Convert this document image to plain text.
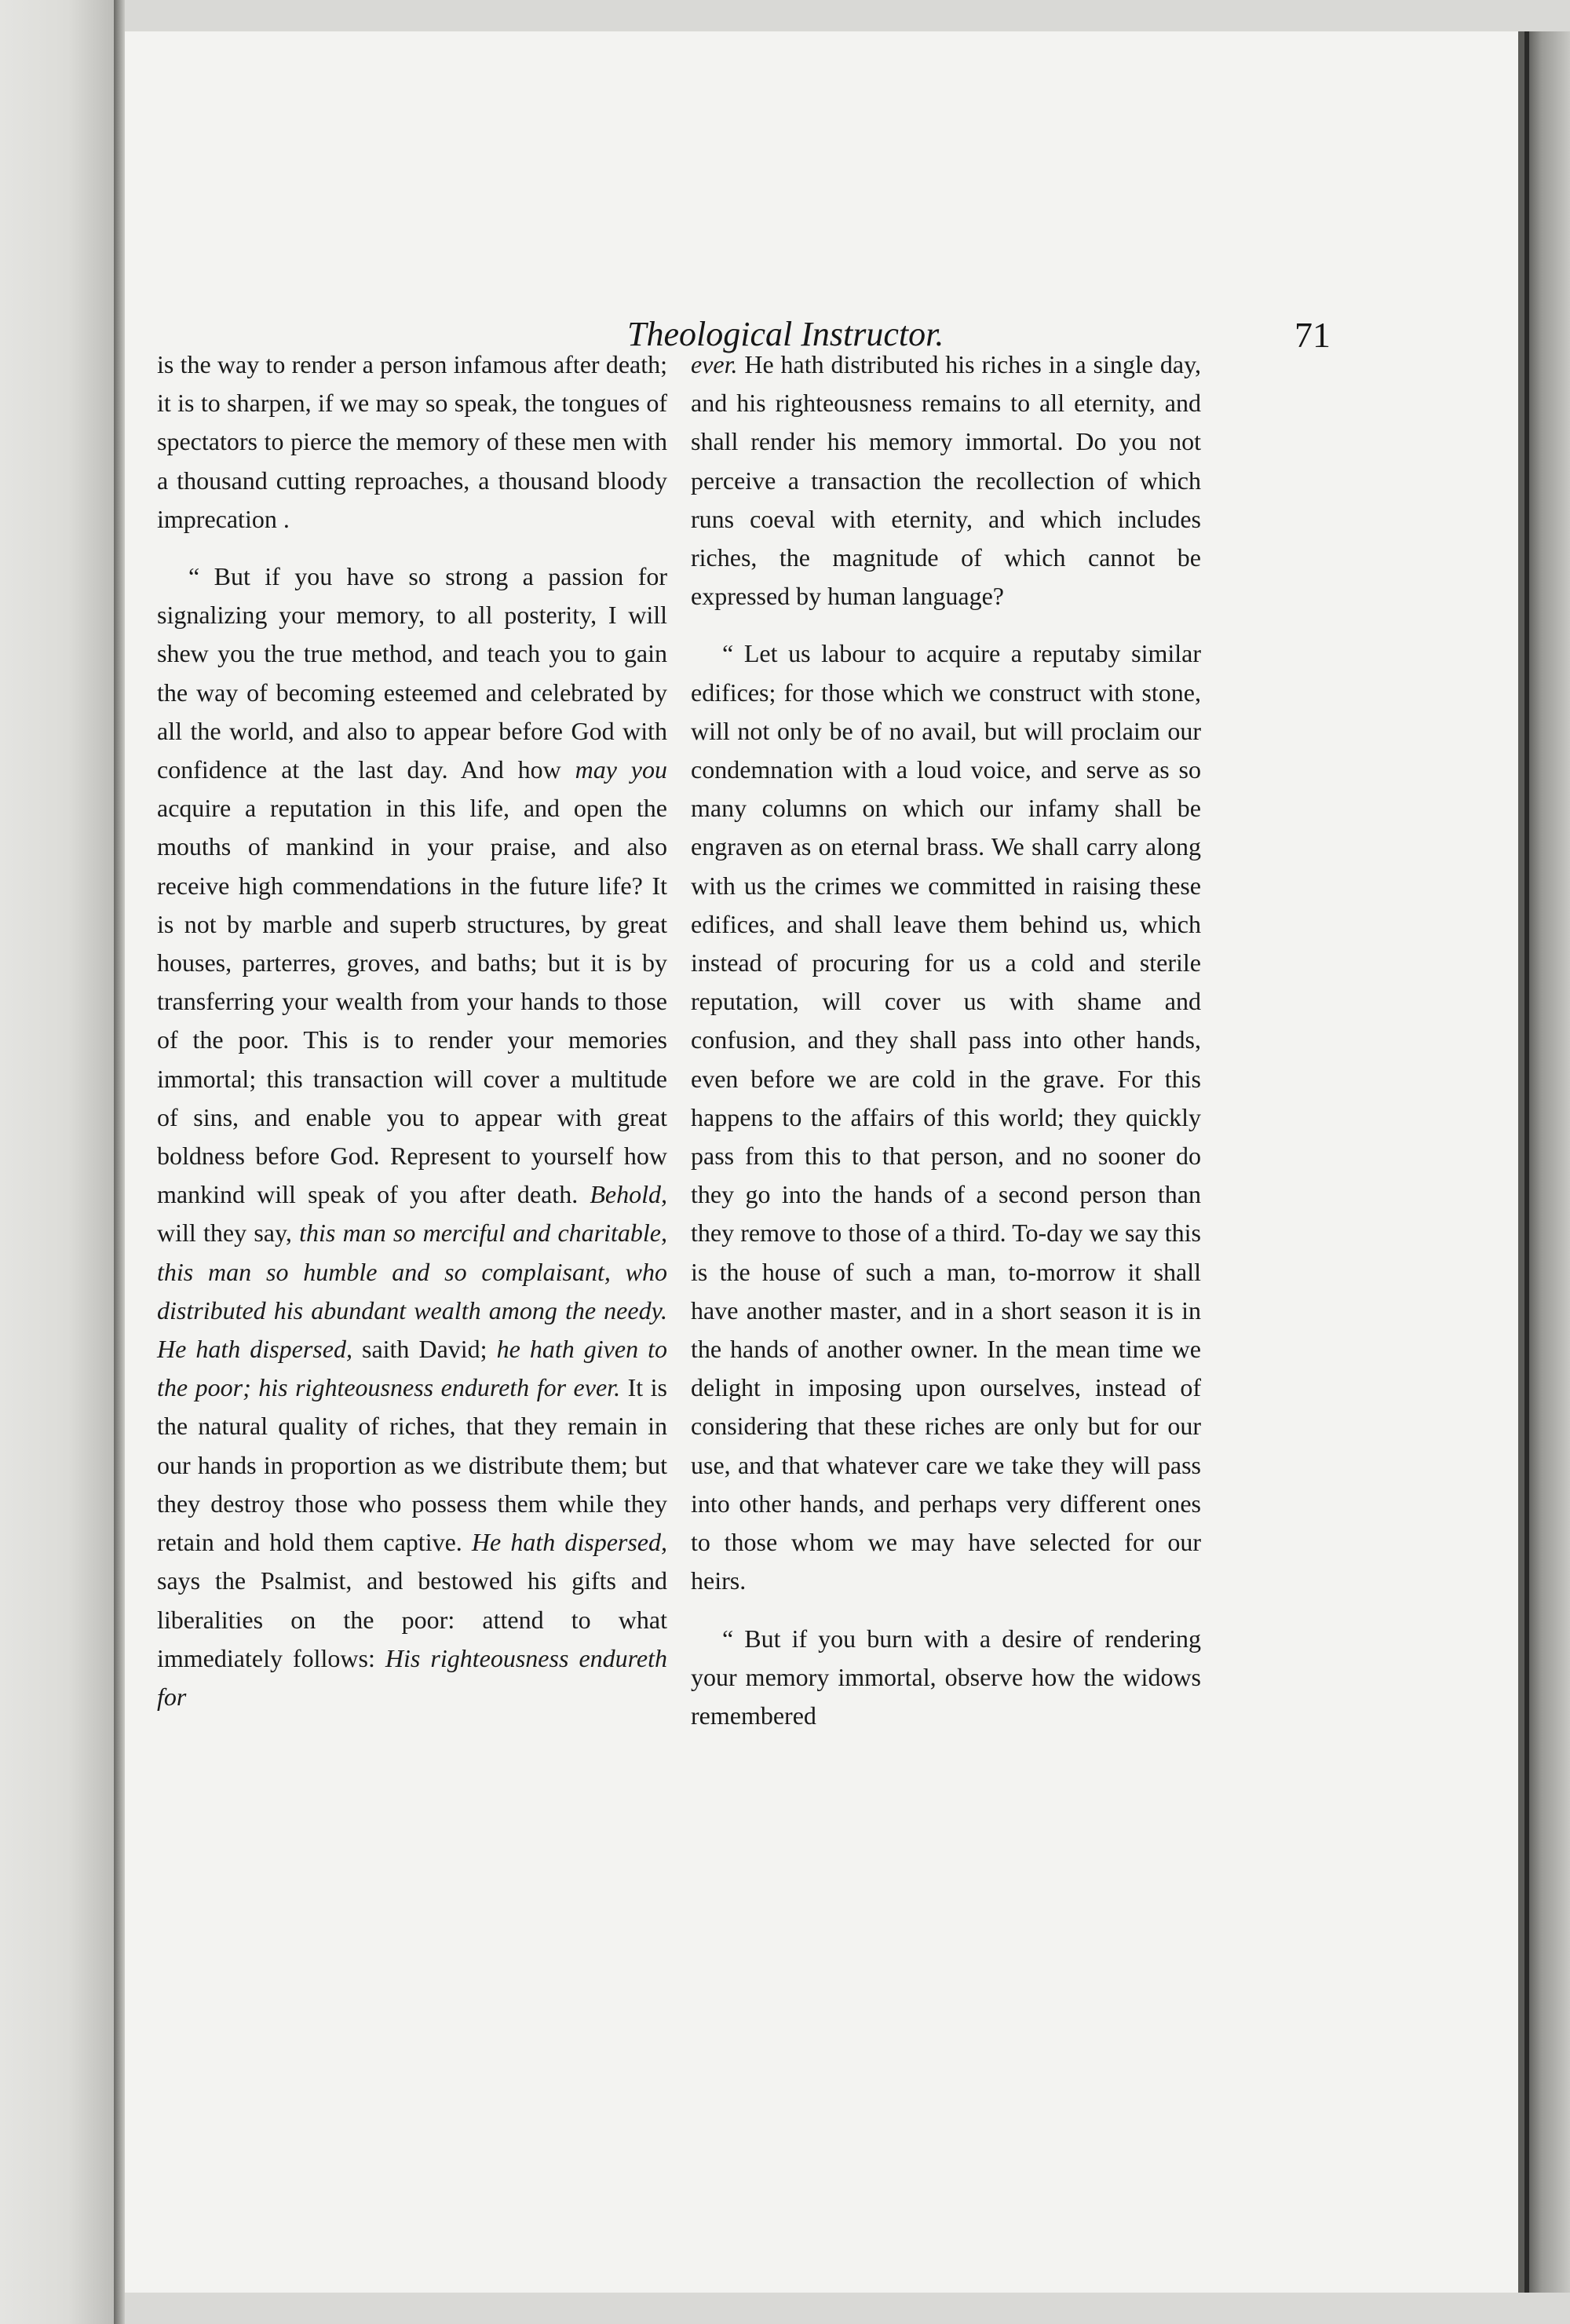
Theological Instructor.	71

is the way to render a person infamous after death; it is to sharpen, if we may so speak, the tongues of spectators to pierce the memory of these men with a thousand cutting reproaches, a thousand bloody imprecation .

“ But if you have so strong a passion for signalizing your memory, to all posterity, I will shew you the true method, and teach you to gain the way of becoming esteemed and celebrated by all the world, and also to appear before God with confidence at the last day. And how may you acquire a reputation in this life, and open the mouths of mankind in your praise, and also receive high commendations in the future life? It is not by marble and superb structures, by great houses, parterres, groves, and baths; but it is by transferring your wealth from your hands to those of the poor. This is to render your memories immortal; this transaction will cover a multitude of sins, and enable you to appear with great boldness before God. Represent to yourself how mankind will speak of you after death. Behold, will they say, this man so merciful and charitable, this man so humble and so complaisant, who distributed his abundant wealth among the needy. He hath dispersed, saith David; he hath given to the poor; his righteousness endureth for ever. It is the natural quality of riches, that they remain in our hands in proportion as we distribute them; but they destroy those who possess them while they retain and hold them captive. He hath dispersed, says the Psalmist, and bestowed his gifts and liberalities on the poor: attend to what immediately follows: His righteousness endureth for

ever. He hath distributed his riches in a single day, and his righteousness remains to all eternity, and shall render his memory immortal. Do you not perceive a transaction the recollection of which runs coeval with eternity, and which includes riches, the magnitude of which cannot be expressed by human language?

“ Let us labour to acquire a reputaby similar edifices; for those which we construct with stone, will not only be of no avail, but will proclaim our condemnation with a loud voice, and serve as so many columns on which our infamy shall be engraven as on eternal brass. We shall carry along with us the crimes we committed in raising these edifices, and shall leave them behind us, which instead of procuring for us a cold and sterile reputation, will cover us with shame and confusion, and they shall pass into other hands, even before we are cold in the grave. For this happens to the affairs of this world; they quickly pass from this to that person, and no sooner do they go into the hands of a second person than they remove to those of a third. To-day we say this is the house of such a man, to-morrow it shall have another master, and in a short season it is in the hands of another owner. In the mean time we delight in imposing upon ourselves, instead of considering that these riches are only but for our use, and that whatever care we take they will pass into other hands, and perhaps very different ones to those whom we may have selected for our heirs.

“ But if you burn with a desire of rendering your memory immortal, observe how the widows remembered
